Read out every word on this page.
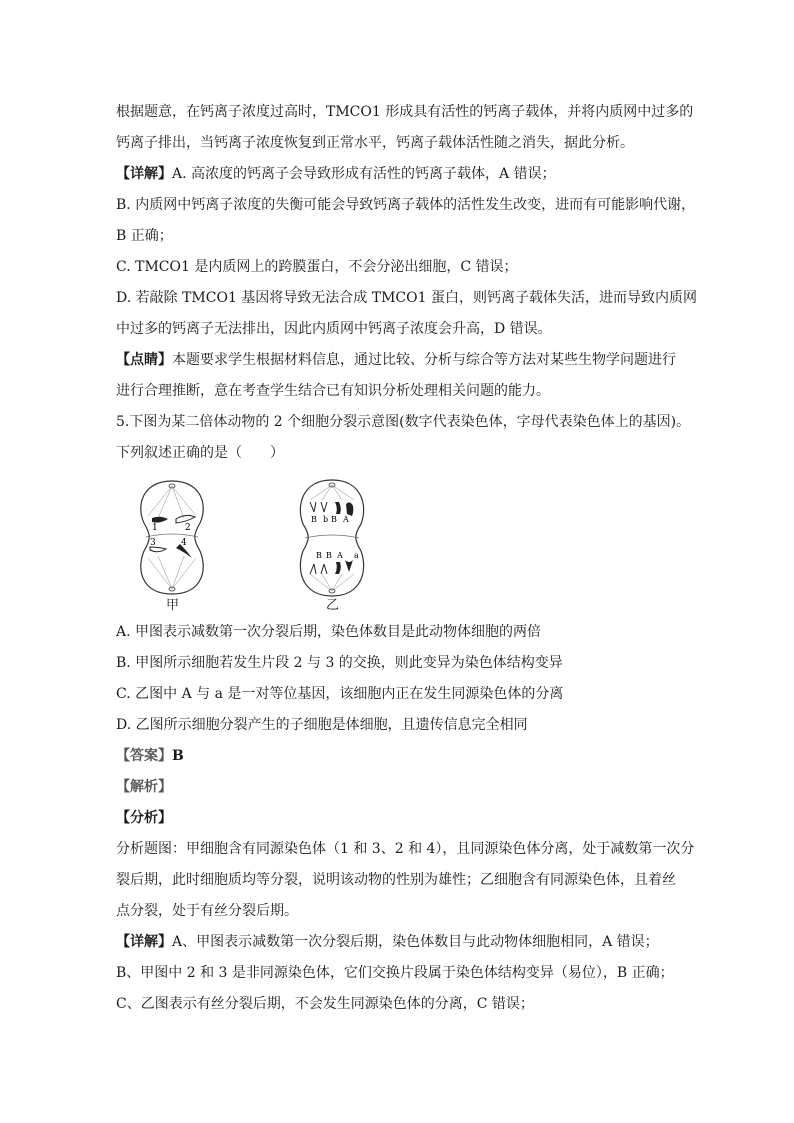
根据题意，在钙离子浓度过高时，TMCO1 形成具有活性的钙离子载体，并将内质网中过多的
钙离子排出，当钙离子浓度恢复到正常水平，钙离子载体活性随之消失，据此分析。
【详解】A. 高浓度的钙离子会导致形成有活性的钙离子载体，A 错误；
B. 内质网中钙离子浓度的失衡可能会导致钙离子载体的活性发生改变，进而有可能影响代谢，
B 正确；
C. TMCO1 是内质网上的跨膜蛋白，不会分泌出细胞，C 错误；
D. 若敲除 TMCO1 基因将导致无法合成 TMCO1 蛋白，则钙离子载体失活，进而导致内质网
中过多的钙离子无法排出，因此内质网中钙离子浓度会升高，D 错误。
【点睛】本题要求学生根据材料信息，通过比较、分析与综合等方法对某些生物学问题进行
进行合理推断，意在考查学生结合已有知识分析处理相关问题的能力。
5.下图为某二倍体动物的 2 个细胞分裂示意图(数字代表染色体，字母代表染色体上的基因)。
下列叙述正确的是（　　）
1	2
3	4
B b B A
B B A a
甲	乙
A. 甲图表示减数第一次分裂后期，染色体数目是此动物体细胞的两倍
B. 甲图所示细胞若发生片段 2 与 3 的交换，则此变异为染色体结构变异
C. 乙图中 A 与 a 是一对等位基因，该细胞内正在发生同源染色体的分离
D. 乙图所示细胞分裂产生的子细胞是体细胞，且遗传信息完全相同
【答案】B
【解析】
【分析】
分析题图：甲细胞含有同源染色体（1 和 3、2 和 4），且同源染色体分离，处于减数第一次分
裂后期，此时细胞质均等分裂，说明该动物的性别为雄性；乙细胞含有同源染色体，且着丝
点分裂，处于有丝分裂后期。
【详解】A、甲图表示减数第一次分裂后期，染色体数目与此动物体细胞相同，A 错误；
B、甲图中 2 和 3 是非同源染色体，它们交换片段属于染色体结构变异（易位），B 正确；
C、乙图表示有丝分裂后期，不会发生同源染色体的分离，C 错误；
